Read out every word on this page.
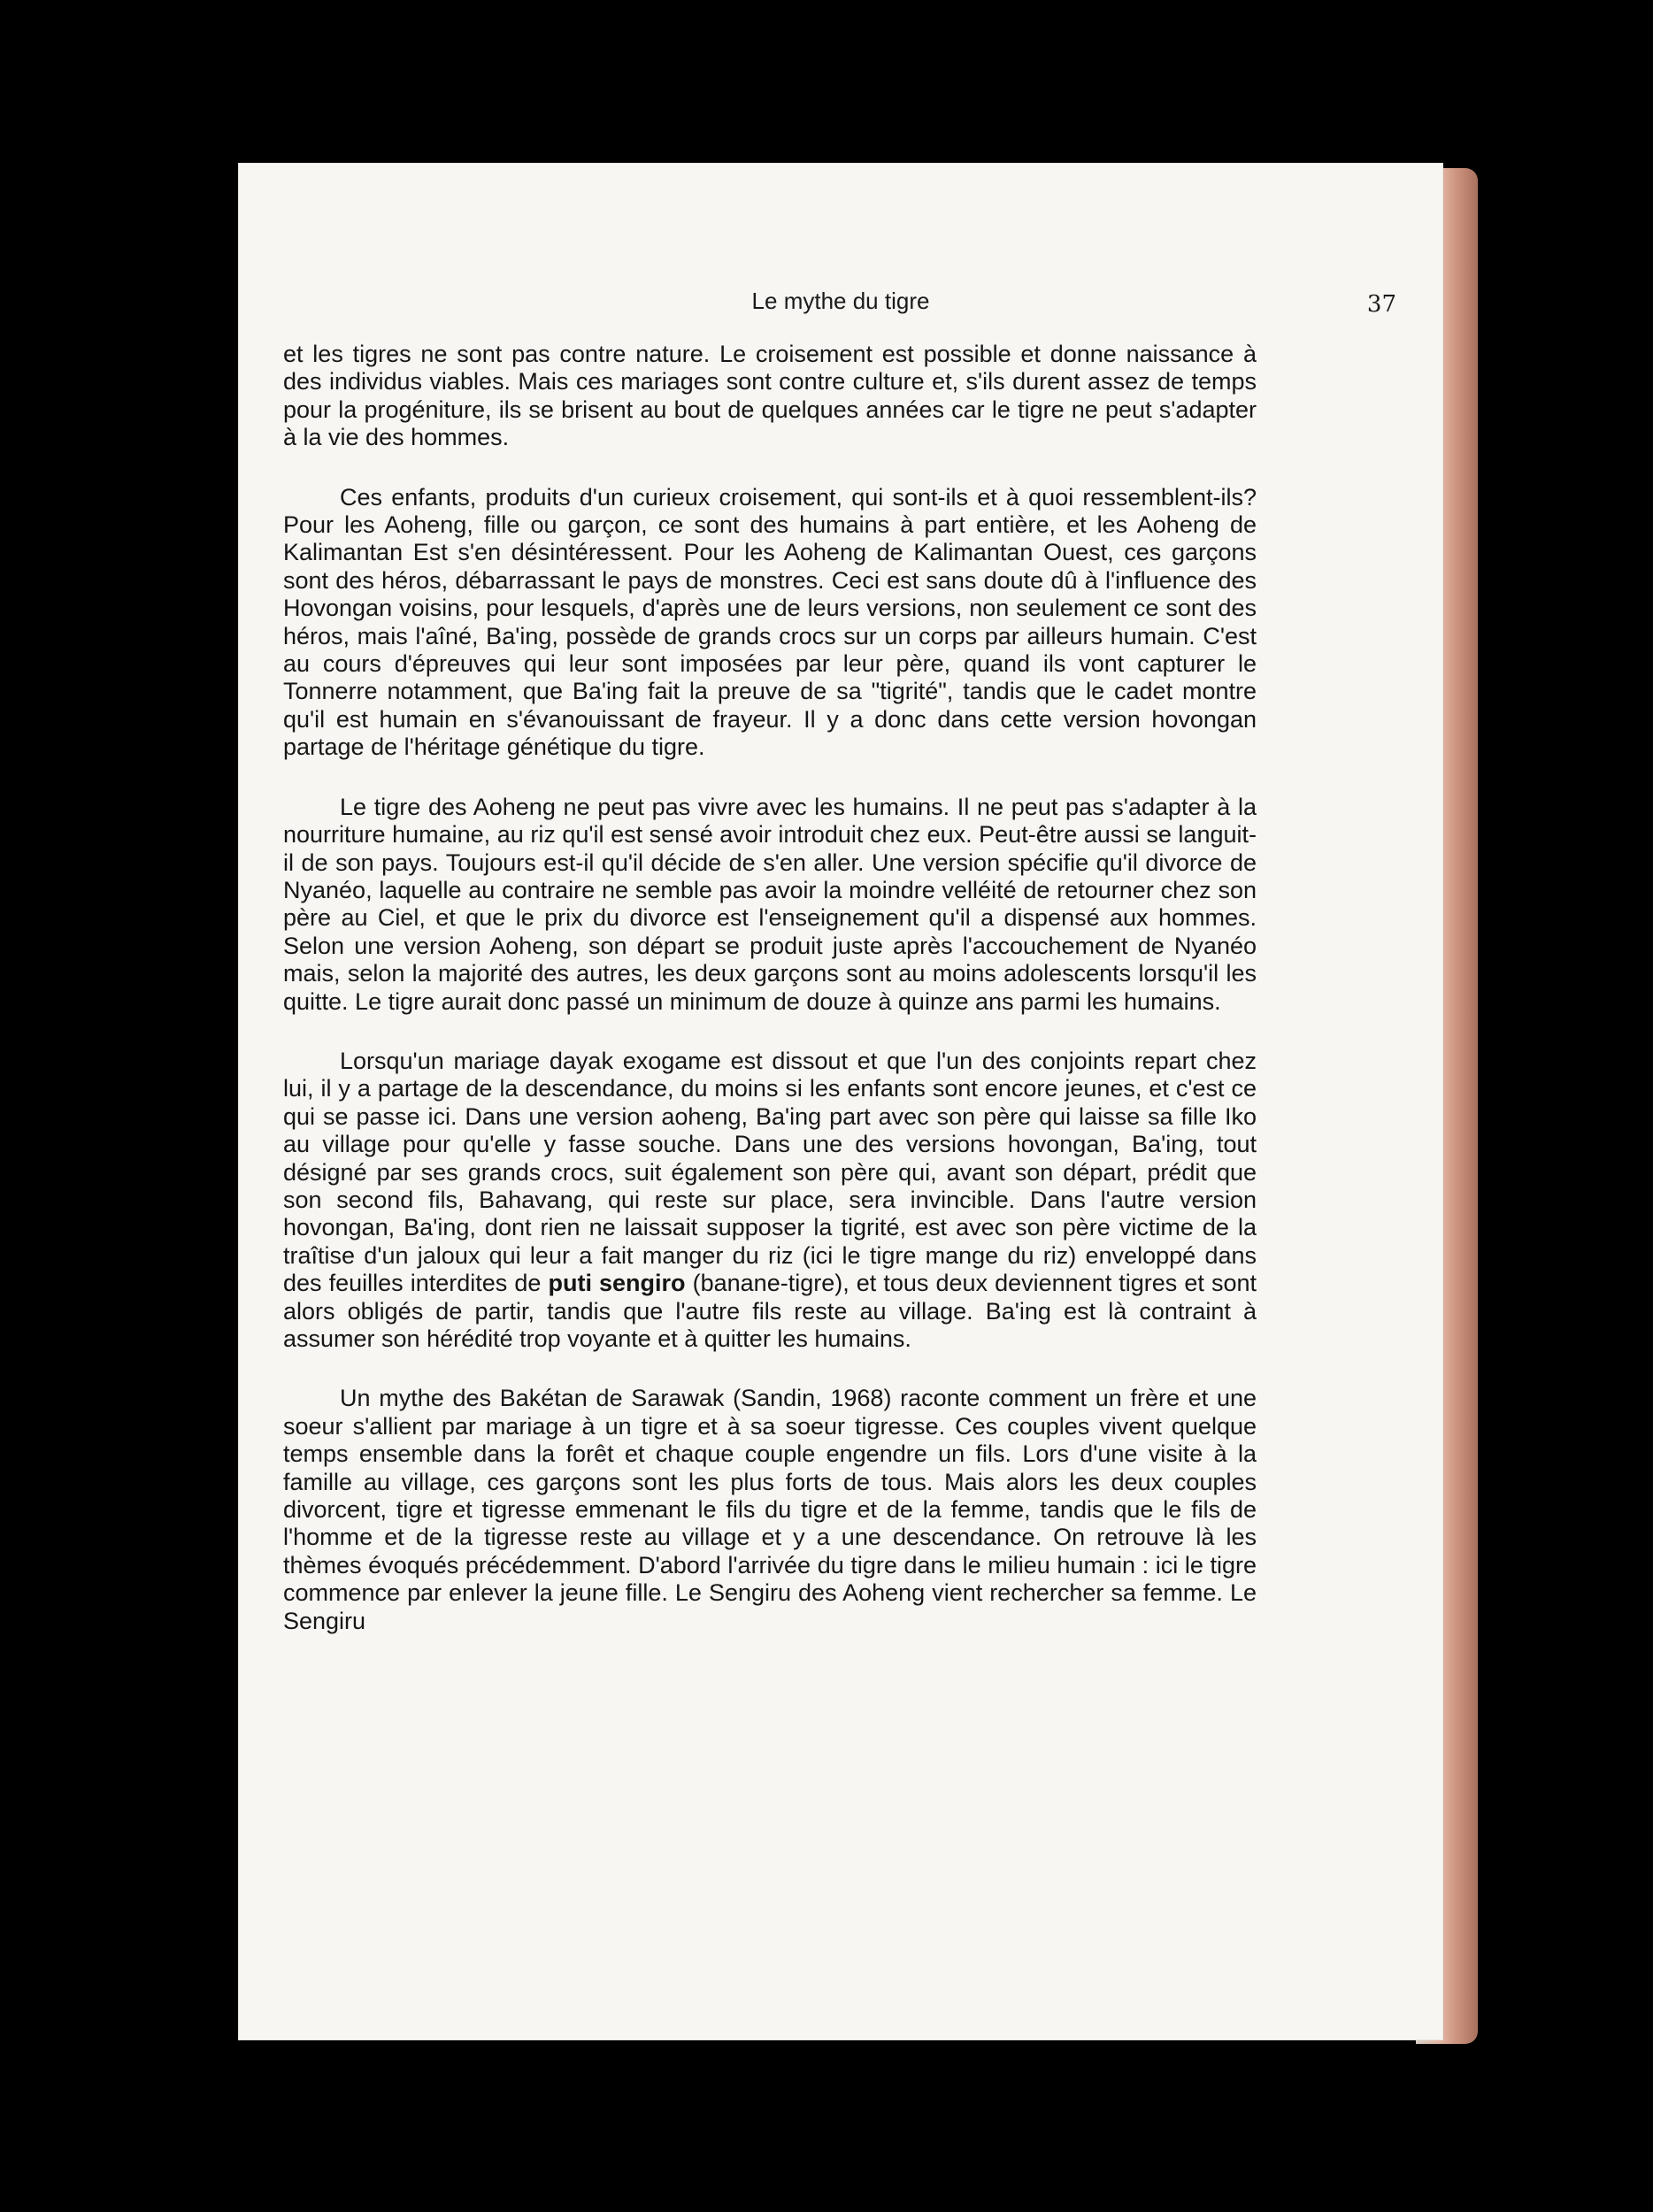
Le mythe du tigre	37

et les tigres ne sont pas contre nature. Le croisement est possible et donne naissance à des individus viables. Mais ces mariages sont contre culture et, s'ils durent assez de temps pour la progéniture, ils se brisent au bout de quelques années car le tigre ne peut s'adapter à la vie des hommes.

Ces enfants, produits d'un curieux croisement, qui sont-ils et à quoi ressemblent-ils? Pour les Aoheng, fille ou garçon, ce sont des humains à part entière, et les Aoheng de Kalimantan Est s'en désintéressent. Pour les Aoheng de Kalimantan Ouest, ces garçons sont des héros, débarrassant le pays de monstres. Ceci est sans doute dû à l'influence des Hovongan voisins, pour lesquels, d'après une de leurs versions, non seulement ce sont des héros, mais l'aîné, Ba'ing, possède de grands crocs sur un corps par ailleurs humain. C'est au cours d'épreuves qui leur sont imposées par leur père, quand ils vont capturer le Tonnerre notamment, que Ba'ing fait la preuve de sa "tigrité", tandis que le cadet montre qu'il est humain en s'évanouissant de frayeur. Il y a donc dans cette version hovongan partage de l'héritage génétique du tigre.

Le tigre des Aoheng ne peut pas vivre avec les humains. Il ne peut pas s'adapter à la nourriture humaine, au riz qu'il est sensé avoir introduit chez eux. Peut-être aussi se languit-il de son pays. Toujours est-il qu'il décide de s'en aller. Une version spécifie qu'il divorce de Nyanéo, laquelle au contraire ne semble pas avoir la moindre velléité de retourner chez son père au Ciel, et que le prix du divorce est l'enseignement qu'il a dispensé aux hommes. Selon une version Aoheng, son départ se produit juste après l'accouchement de Nyanéo mais, selon la majorité des autres, les deux garçons sont au moins adolescents lorsqu'il les quitte. Le tigre aurait donc passé un minimum de douze à quinze ans parmi les humains.

Lorsqu'un mariage dayak exogame est dissout et que l'un des conjoints repart chez lui, il y a partage de la descendance, du moins si les enfants sont encore jeunes, et c'est ce qui se passe ici. Dans une version aoheng, Ba'ing part avec son père qui laisse sa fille Iko au village pour qu'elle y fasse souche. Dans une des versions hovongan, Ba'ing, tout désigné par ses grands crocs, suit également son père qui, avant son départ, prédit que son second fils, Bahavang, qui reste sur place, sera invincible. Dans l'autre version hovongan, Ba'ing, dont rien ne laissait supposer la tigrité, est avec son père victime de la traîtise d'un jaloux qui leur a fait manger du riz (ici le tigre mange du riz) enveloppé dans des feuilles interdites de puti sengiro (banane-tigre), et tous deux deviennent tigres et sont alors obligés de partir, tandis que l'autre fils reste au village. Ba'ing est là contraint à assumer son hérédité trop voyante et à quitter les humains.

Un mythe des Bakétan de Sarawak (Sandin, 1968) raconte comment un frère et une soeur s'allient par mariage à un tigre et à sa soeur tigresse. Ces couples vivent quelque temps ensemble dans la forêt et chaque couple engendre un fils. Lors d'une visite à la famille au village, ces garçons sont les plus forts de tous. Mais alors les deux couples divorcent, tigre et tigresse emmenant le fils du tigre et de la femme, tandis que le fils de l'homme et de la tigresse reste au village et y a une descendance. On retrouve là les thèmes évoqués précédemment. D'abord l'arrivée du tigre dans le milieu humain : ici le tigre commence par enlever la jeune fille. Le Sengiru des Aoheng vient rechercher sa femme. Le Sengiru
